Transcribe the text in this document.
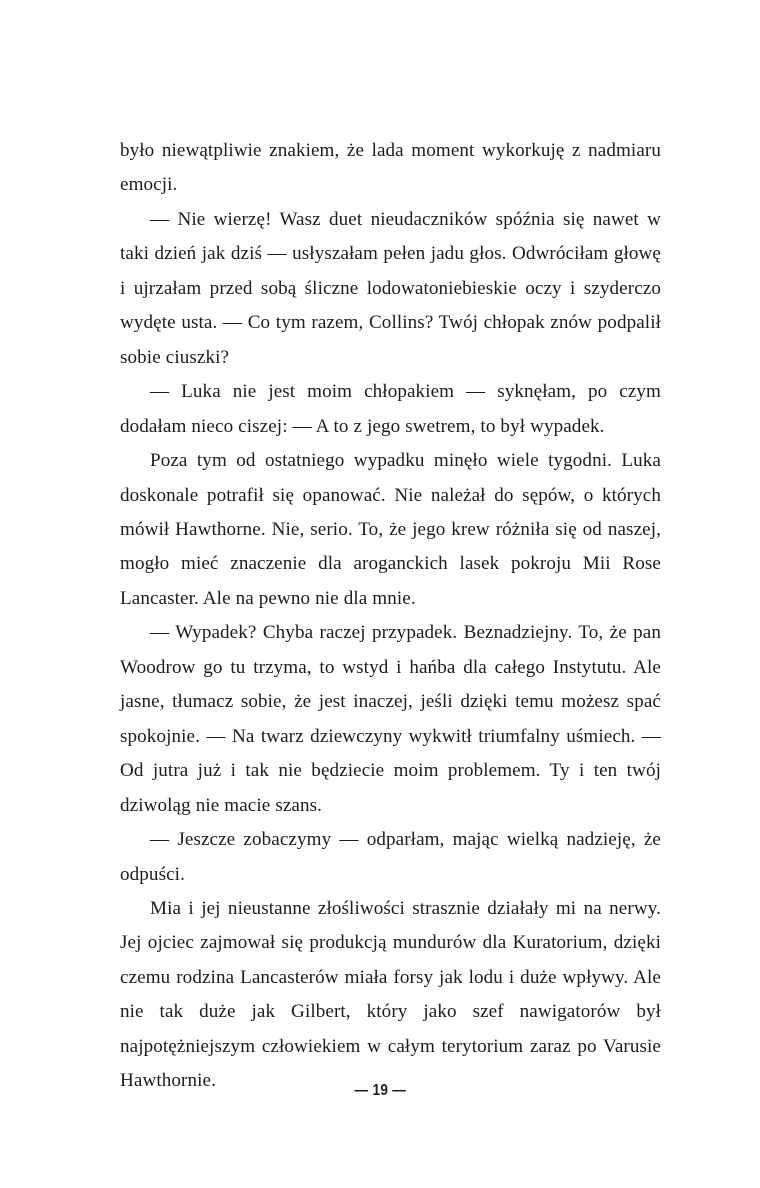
było niewątpliwie znakiem, że lada moment wykorkuję z nadmiaru emocji.

— Nie wierzę! Wasz duet nieudaczników spóźnia się nawet w taki dzień jak dziś — usłyszałam pełen jadu głos. Odwróciłam głowę i ujrzałam przed sobą śliczne lodowatoniebieskie oczy i szyderczo wydęte usta. — Co tym razem, Collins? Twój chłopak znów podpalił sobie ciuszki?

— Luka nie jest moim chłopakiem — syknęłam, po czym dodałam nieco ciszej: — A to z jego swetrem, to był wypadek.

Poza tym od ostatniego wypadku minęło wiele tygodni. Luka doskonale potrafił się opanować. Nie należał do sępów, o których mówił Hawthorne. Nie, serio. To, że jego krew różniła się od naszej, mogło mieć znaczenie dla aroganckich lasek pokroju Mii Rose Lancaster. Ale na pewno nie dla mnie.

— Wypadek? Chyba raczej przypadek. Beznadziejny. To, że pan Woodrow go tu trzyma, to wstyd i hańba dla całego Instytutu. Ale jasne, tłumacz sobie, że jest inaczej, jeśli dzięki temu możesz spać spokojnie. — Na twarz dziewczyny wykwitł triumfalny uśmiech. — Od jutra już i tak nie będziecie moim problemem. Ty i ten twój dziwoląg nie macie szans.

— Jeszcze zobaczymy — odparłam, mając wielką nadzieję, że odpuści.

Mia i jej nieustanne złośliwości strasznie działały mi na nerwy. Jej ojciec zajmował się produkcją mundurów dla Kuratorium, dzięki czemu rodzina Lancasterów miała forsy jak lodu i duże wpływy. Ale nie tak duże jak Gilbert, który jako szef nawigatorów był najpotężniejszym człowiekiem w całym terytorium zaraz po Varusie Hawthornie.	— 19 —
